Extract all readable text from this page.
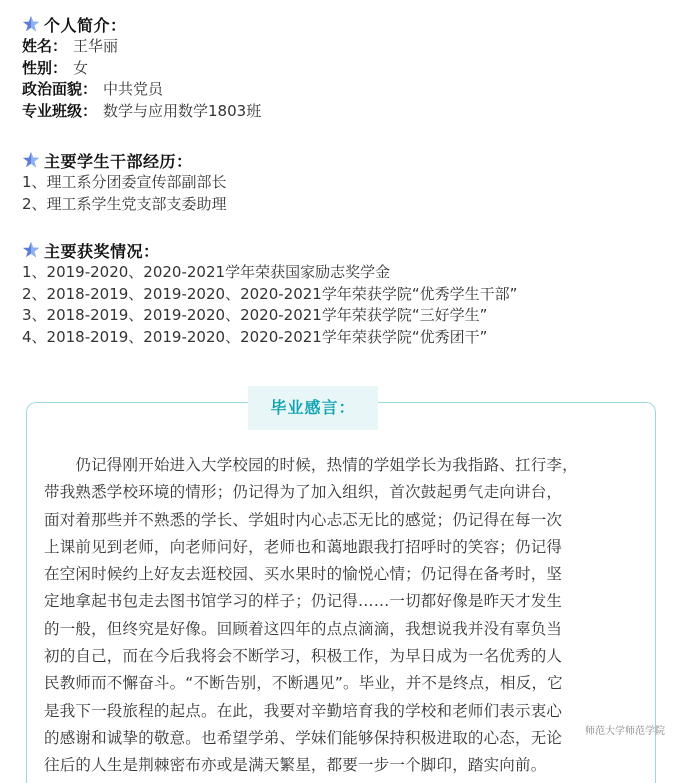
个人简介：
姓名： 王华丽
性别： 女
政治面貌： 中共党员
专业班级： 数学与应用数学1803班
主要学生干部经历：
1、理工系分团委宣传部副部长
2、理工系学生党支部支委助理
主要获奖情况：
1、2019-2020、2020-2021学年荣获国家励志奖学金
2、2018-2019、2019-2020、2020-2021学年荣获学院“优秀学生干部”
3、2018-2019、2019-2020、2020-2021学年荣获学院“三好学生”
4、2018-2019、2019-2020、2020-2021学年荣获学院“优秀团干”
毕业感言：
　　仍记得刚开始进入大学校园的时候，热情的学姐学长为我指路、扛行李，
带我熟悉学校环境的情形；仍记得为了加入组织，首次鼓起勇气走向讲台，
面对着那些并不熟悉的学长、学姐时内心忐忑无比的感觉；仍记得在每一次
上课前见到老师，向老师问好，老师也和蔼地跟我打招呼时的笑容；仍记得
在空闲时候约上好友去逛校园、买水果时的愉悦心情；仍记得在备考时，坚
定地拿起书包走去图书馆学习的样子；仍记得……一切都好像是昨天才发生
的一般，但终究是好像。回顾着这四年的点点滴滴，我想说我并没有辜负当
初的自己，而在今后我将会不断学习，积极工作，为早日成为一名优秀的人
民教师而不懈奋斗。“不断告别，不断遇见”。毕业，并不是终点，相反，它
是我下一段旅程的起点。在此，我要对辛勤培育我的学校和老师们表示衷心
的感谢和诚挚的敬意。也希望学弟、学妹们能够保持积极进取的心态，无论
往后的人生是荆棘密布亦或是满天繁星，都要一步一个脚印，踏实向前。
师范大学师范学院
